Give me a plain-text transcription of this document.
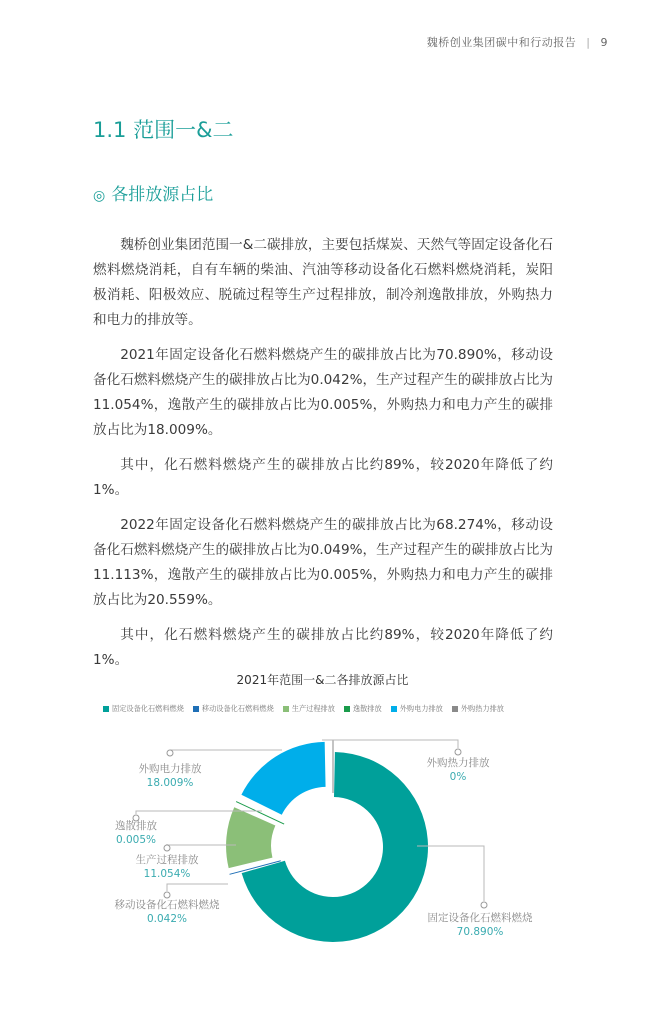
魏桥创业集团碳中和行动报告 | 9
1.1 范围一&二
◎ 各排放源占比

魏桥创业集团范围一&二碳排放，主要包括煤炭、天然气等固定设备化石燃料燃烧消耗，自有车辆的柴油、汽油等移动设备化石燃料燃烧消耗，炭阳极消耗、阳极效应、脱硫过程等生产过程排放，制冷剂逸散排放，外购热力和电力的排放等。

2021年固定设备化石燃料燃烧产生的碳排放占比为70.890%，移动设备化石燃料燃烧产生的碳排放占比为0.042%，生产过程产生的碳排放占比为11.054%，逸散产生的碳排放占比为0.005%，外购热力和电力产生的碳排放占比为18.009%。

其中，化石燃料燃烧产生的碳排放占比约89%，较2020年降低了约1%。

2022年固定设备化石燃料燃烧产生的碳排放占比为68.274%，移动设备化石燃料燃烧产生的碳排放占比为0.049%，生产过程产生的碳排放占比为11.113%，逸散产生的碳排放占比为0.005%，外购热力和电力产生的碳排放占比为20.559%。

其中，化石燃料燃烧产生的碳排放占比约89%，较2020年降低了约1%。

2021年范围一&二各排放源占比
固定设备化石燃料燃烧	移动设备化石燃料燃烧	生产过程排放	逸散排放	外购电力排放	外购热力排放
外购电力排放
18.009%
外购热力排放
0%
逸散排放
0.005%
生产过程排放
11.054%
移动设备化石燃料燃烧
0.042%	固定设备化石燃料燃烧
70.890%
